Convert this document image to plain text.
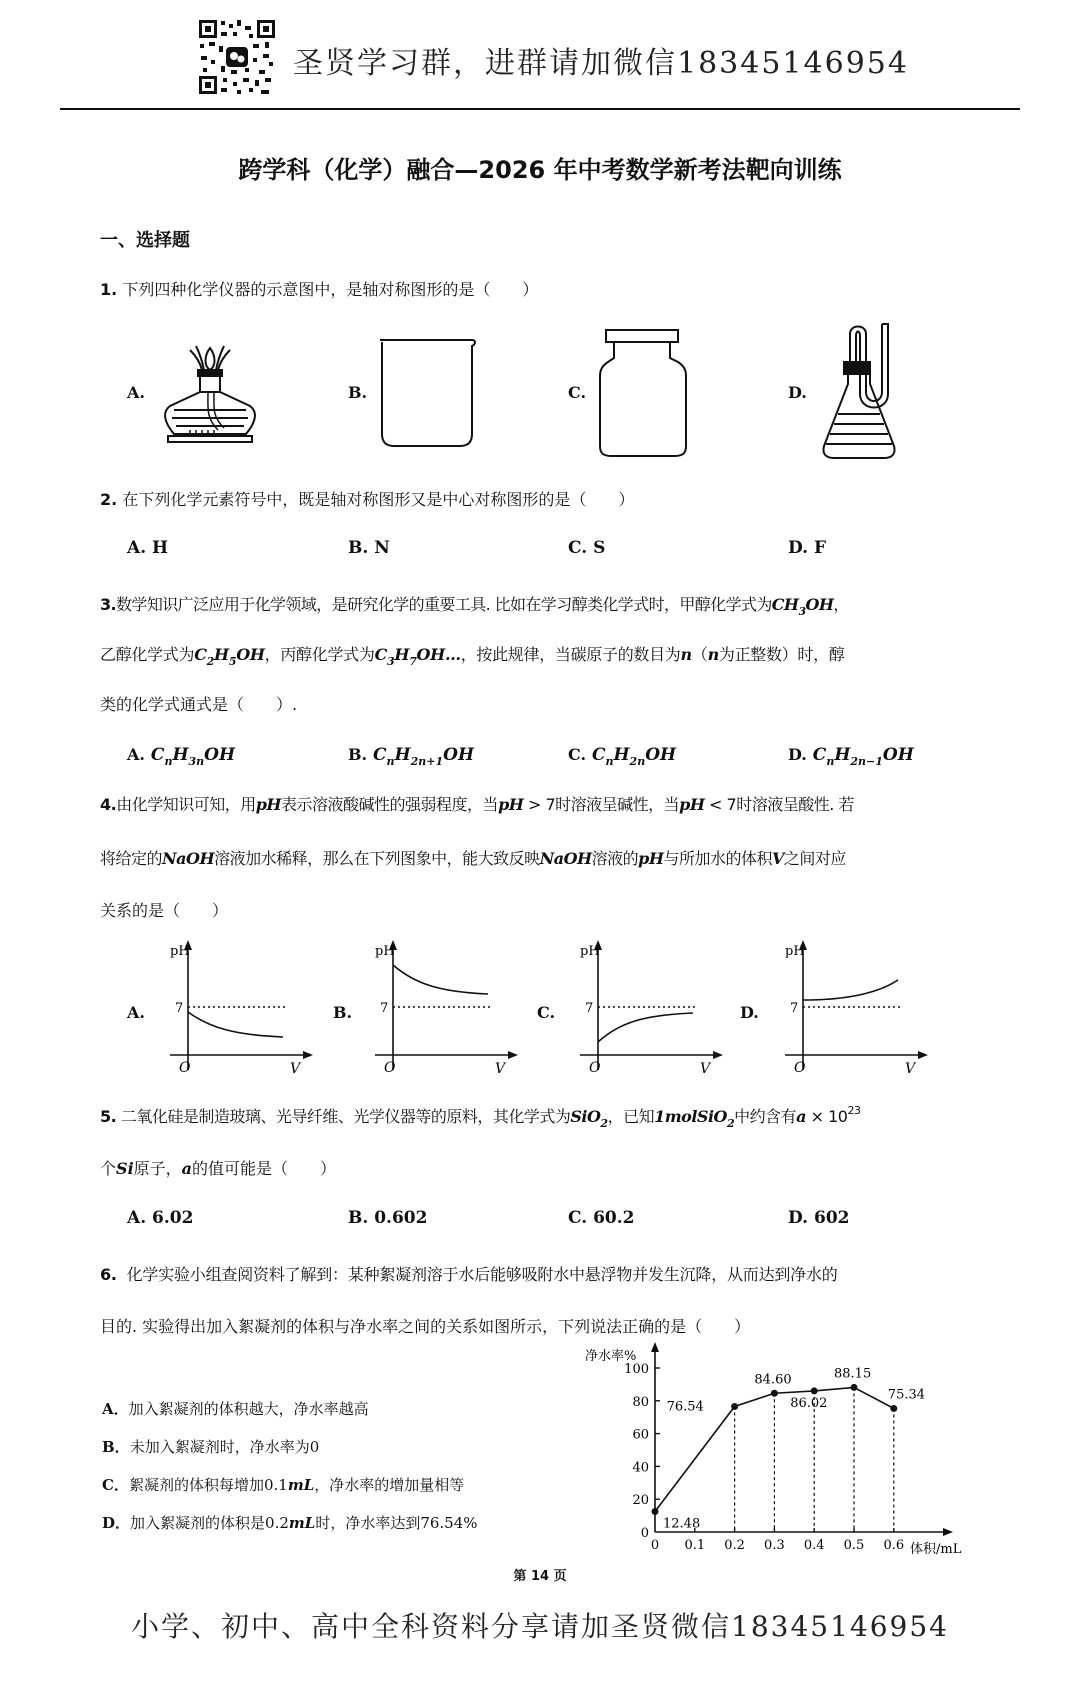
圣贤学习群，进群请加微信18345146954
跨学科（化学）融合—2026 年中考数学新考法靶向训练
一、选择题
1. 下列四种化学仪器的示意图中，是轴对称图形的是（　　）
A.	B.	C.	D.
2. 在下列化学元素符号中，既是轴对称图形又是中心对称图形的是（　　）
A. H	B. N	C. S	D. F
3.数学知识广泛应用于化学领域，是研究化学的重要工具. 比如在学习醇类化学式时，甲醇化学式为$CH_3OH$，
乙醇化学式为$C_2H_5OH$，丙醇化学式为$C_3H_7OH\dots$，按此规律，当碳原子的数目为n（n为正整数）时，醇
类的化学式通式是（　　）.
A. $C_nH_{3n}OH$	B. $C_nH_{2n+1}OH$	C. $C_nH_{2n}OH$	D. $C_nH_{2n-1}OH$
4.由化学知识可知，用pH表示溶液酸碱性的强弱程度，当pH > 7时溶液呈碱性，当pH < 7时溶液呈酸性. 若
将给定的NaOH溶液加水稀释，那么在下列图象中，能大致反映NaOH溶液的pH与所加水的体积V之间对应
关系的是（　　）
A.
pH
7
O	V
B.
pH
7
O	V
C.
pH
7
O	V
D.
pH
7
O	V
5. 二氧化硅是制造玻璃、光导纤维、光学仪器等的原料，其化学式为SiO$_2$，已知1molSiO$_2$中约含有$a \times 10^{23}$
个Si原子，a的值可能是（　　）
A. 6.02	B. 0.602	C. 60.2	D. 602
6. 化学实验小组查阅资料了解到：某种絮凝剂溶于水后能够吸附水中悬浮物并发生沉降，从而达到净水的
目的. 实验得出加入絮凝剂的体积与净水率之间的关系如图所示，下列说法正确的是（　　）
A．加入絮凝剂的体积越大，净水率越高
B．未加入絮凝剂时，净水率为0
C．絮凝剂的体积每增加0.1mL，净水率的增加量相等
D．加入絮凝剂的体积是0.2mL时，净水率达到76.54%
净水率%
体积/mL
0
20
40
60
80
100
0 0.1 0.2 0.3 0.4 0.5 0.6
12.48
76.54
84.60
86.02
88.15
75.34
第 14 页
小学、初中、高中全科资料分享请加圣贤微信18345146954
